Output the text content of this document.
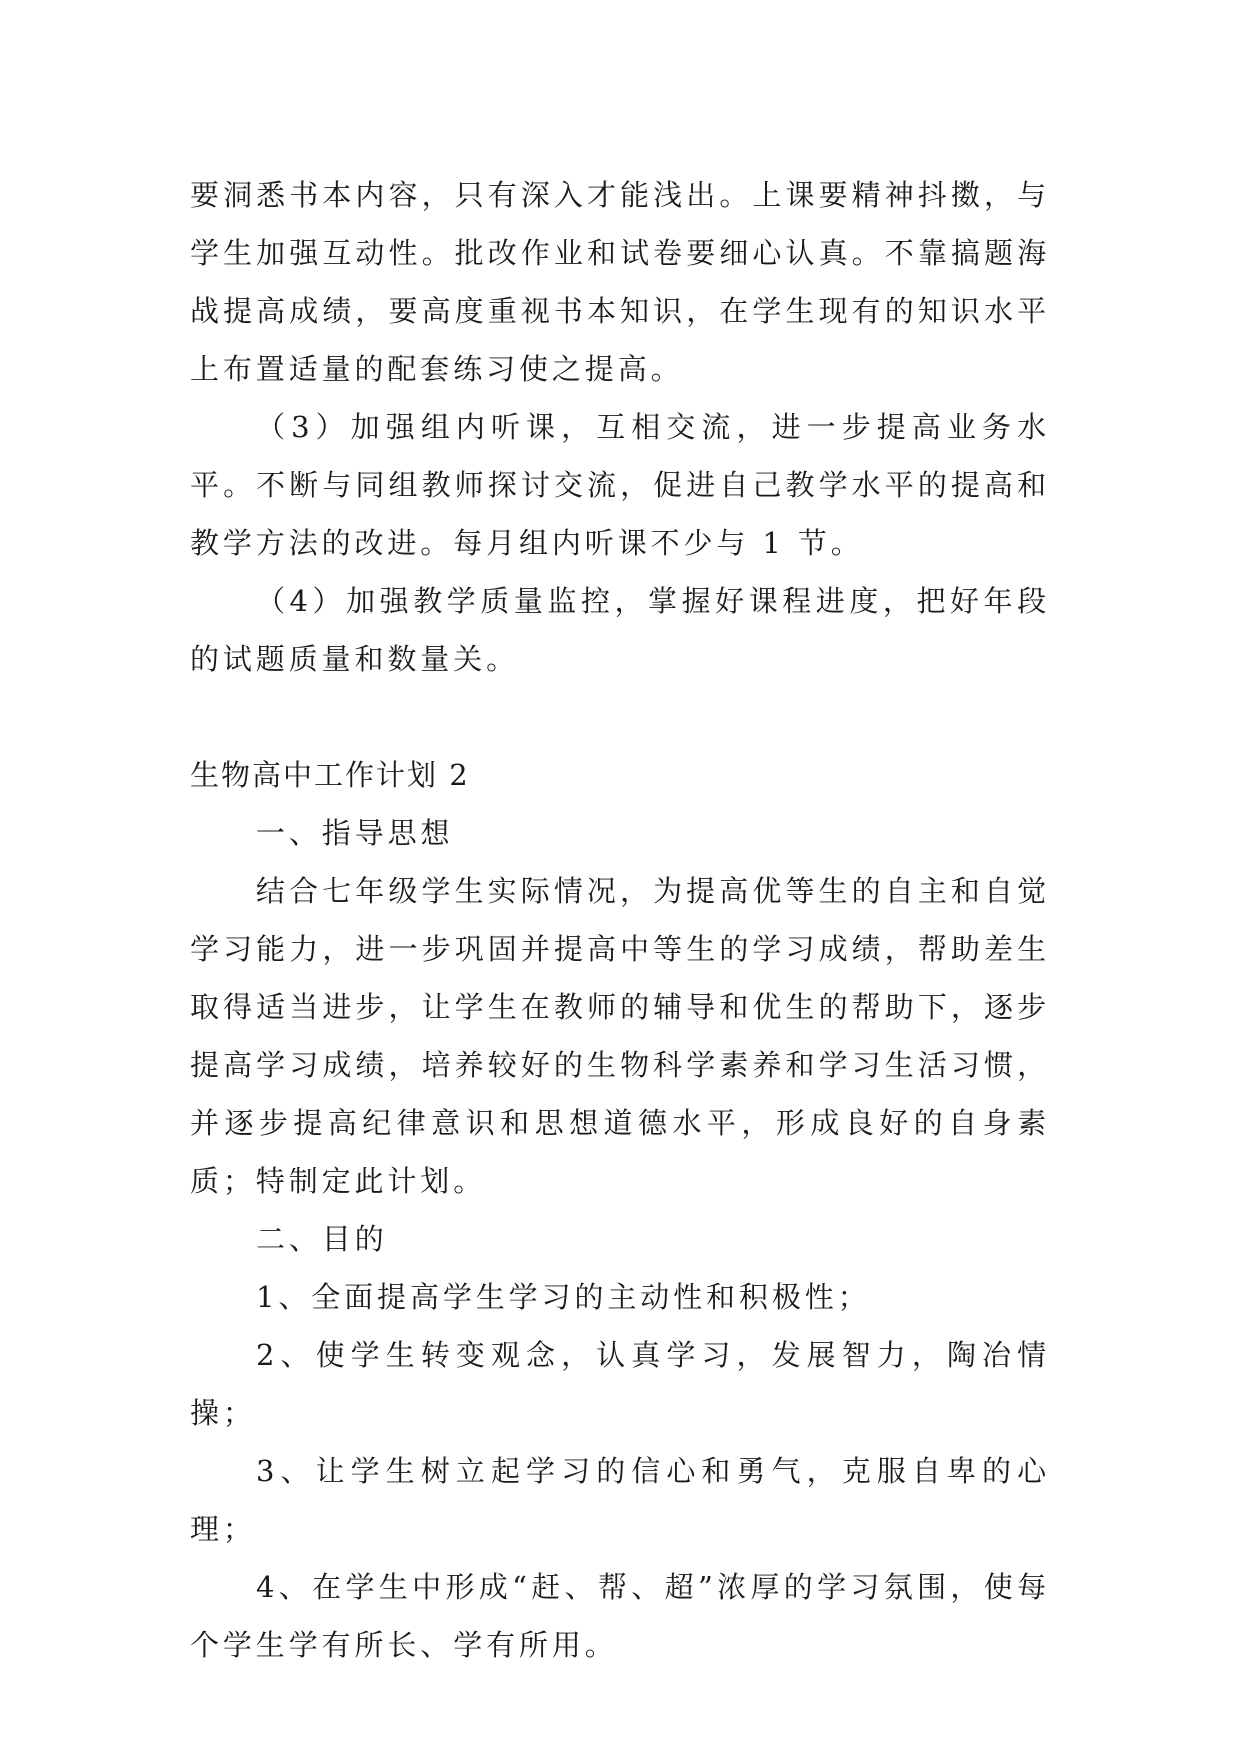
要洞悉书本内容，只有深入才能浅出。上课要精神抖擞，与学生加强互动性。批改作业和试卷要细心认真。不靠搞题海战提高成绩，要高度重视书本知识，在学生现有的知识水平上布置适量的配套练习使之提高。

（3）加强组内听课，互相交流，进一步提高业务水平。不断与同组教师探讨交流，促进自己教学水平的提高和教学方法的改进。每月组内听课不少与 1 节。

（4）加强教学质量监控，掌握好课程进度，把好年段的试题质量和数量关。

生物高中工作计划 2

一、指导思想

结合七年级学生实际情况，为提高优等生的自主和自觉学习能力，进一步巩固并提高中等生的学习成绩，帮助差生取得适当进步，让学生在教师的辅导和优生的帮助下，逐步提高学习成绩，培养较好的生物科学素养和学习生活习惯，并逐步提高纪律意识和思想道德水平，形成良好的自身素质；特制定此计划。

二、目的

1、全面提高学生学习的主动性和积极性；

2、使学生转变观念，认真学习，发展智力，陶冶情操；

3、让学生树立起学习的信心和勇气，克服自卑的心理；

4、在学生中形成“赶、帮、超”浓厚的学习氛围，使每个学生学有所长、学有所用。
